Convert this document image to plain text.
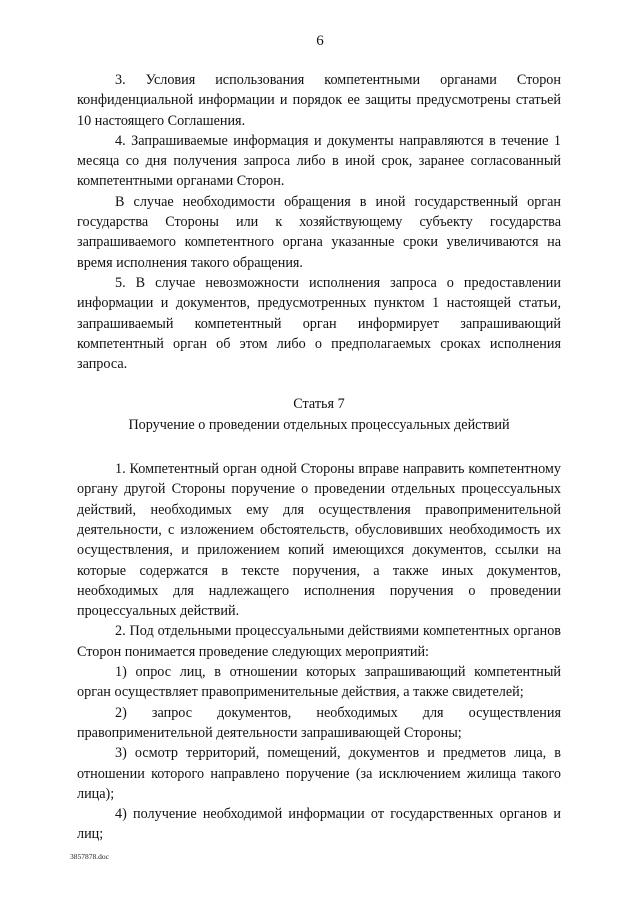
6

3. Условия использования компетентными органами Сторон конфиденциальной информации и порядок ее защиты предусмотрены статьей 10 настоящего Соглашения.

4. Запрашиваемые информация и документы направляются в течение 1 месяца со дня получения запроса либо в иной срок, заранее согласованный компетентными органами Сторон.

В случае необходимости обращения в иной государственный орган государства Стороны или к хозяйствующему субъекту государства запрашиваемого компетентного органа указанные сроки увеличиваются на время исполнения такого обращения.

5. В случае невозможности исполнения запроса о предоставлении информации и документов, предусмотренных пунктом 1 настоящей статьи, запрашиваемый компетентный орган информирует запрашивающий компетентный орган об этом либо о предполагаемых сроках исполнения запроса.

Статья 7
Поручение о проведении отдельных процессуальных действий

1. Компетентный орган одной Стороны вправе направить компетентному органу другой Стороны поручение о проведении отдельных процессуальных действий, необходимых ему для осуществления правоприменительной деятельности, с изложением обстоятельств, обусловивших необходимость их осуществления, и приложением копий имеющихся документов, ссылки на которые содержатся в тексте поручения, а также иных документов, необходимых для надлежащего исполнения поручения о проведении процессуальных действий.

2. Под отдельными процессуальными действиями компетентных органов Сторон понимается проведение следующих мероприятий:

1) опрос лиц, в отношении которых запрашивающий компетентный орган осуществляет правоприменительные действия, а также свидетелей;

2) запрос документов, необходимых для осуществления правоприменительной деятельности запрашивающей Стороны;

3) осмотр территорий, помещений, документов и предметов лица, в отношении которого направлено поручение (за исключением жилища такого лица);

4) получение необходимой информации от государственных органов и лиц;

3857878.doc
